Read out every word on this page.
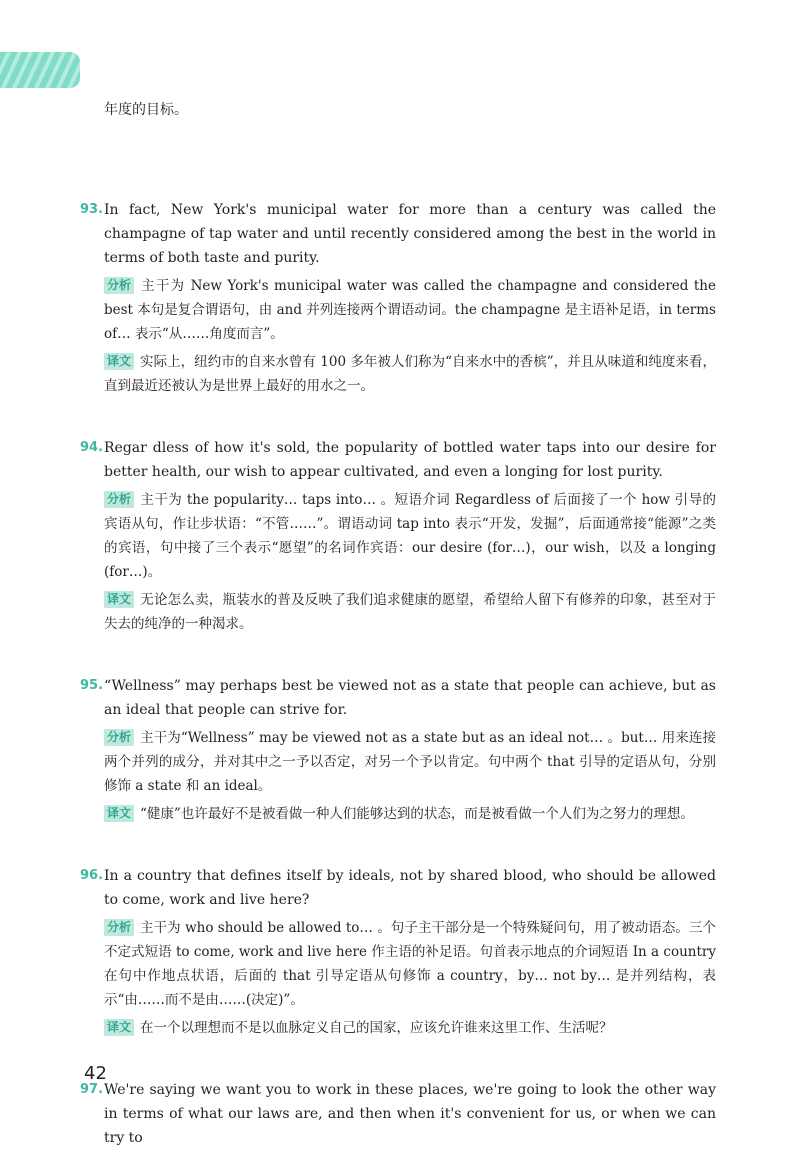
年度的目标。

93. In fact, New York's municipal water for more than a century was called the champagne of tap water and until recently considered among the best in the world in terms of both taste and purity.
分析 主干为 New York's municipal water was called the champagne and considered the best 本句是复合谓语句，由 and 并列连接两个谓语动词。the champagne 是主语补足语，in terms of… 表示“从……角度而言”。
译文 实际上，纽约市的自来水曾有 100 多年被人们称为“自来水中的香槟”，并且从味道和纯度来看，直到最近还被认为是世界上最好的用水之一。
94. Regar dless of how it's sold, the popularity of bottled water taps into our desire for better health, our wish to appear cultivated, and even a longing for lost purity.
分析 主干为 the popularity… taps into… 。短语介词 Regardless of 后面接了一个 how 引导的宾语从句，作让步状语：“不管……”。谓语动词 tap into 表示“开发，发掘”，后面通常接“能源”之类的宾语，句中接了三个表示“愿望”的名词作宾语：our desire (for…)，our wish，以及 a longing (for…)。
译文 无论怎么卖，瓶装水的普及反映了我们追求健康的愿望，希望给人留下有修养的印象，甚至对于失去的纯净的一种渴求。
95. “Wellness” may perhaps best be viewed not as a state that people can achieve, but as an ideal that people can strive for.
分析 主干为“Wellness” may be viewed not as a state but as an ideal not… 。but… 用来连接两个并列的成分，并对其中之一予以否定，对另一个予以肯定。句中两个 that 引导的定语从句，分别修饰 a state 和 an ideal。
译文 “健康”也许最好不是被看做一种人们能够达到的状态，而是被看做一个人们为之努力的理想。
96. In a country that defines itself by ideals, not by shared blood, who should be allowed to come, work and live here?
分析 主干为 who should be allowed to… 。句子主干部分是一个特殊疑问句，用了被动语态。三个不定式短语 to come, work and live here 作主语的补足语。句首表示地点的介词短语 In a country 在句中作地点状语，后面的 that 引导定语从句修饰 a country，by… not by… 是并列结构，表示“由……而不是由……(决定)”。
译文 在一个以理想而不是以血脉定义自己的国家，应该允许谁来这里工作、生活呢？
97. We're saying we want you to work in these places, we're going to look the other way in terms of what our laws are, and then when it's convenient for us, or when we can try to
42
